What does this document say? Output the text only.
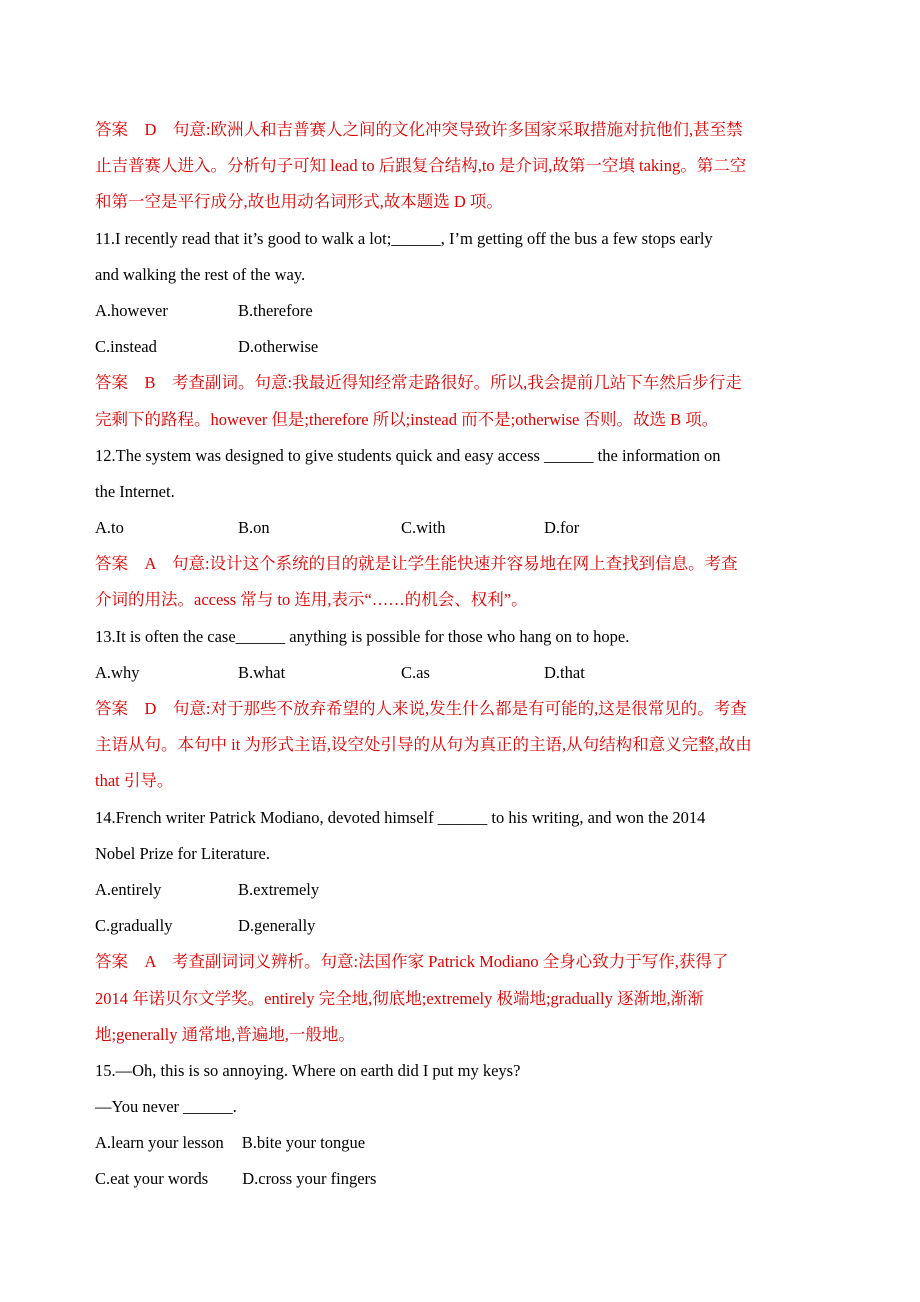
答案　D　句意:欧洲人和吉普赛人之间的文化冲突导致许多国家采取措施对抗他们,甚至禁
止吉普赛人进入。分析句子可知 lead to 后跟复合结构,to 是介词,故第一空填 taking。第二空
和第一空是平行成分,故也用动名词形式,故本题选 D 项。
11.I recently read that it’s good to walk a lot;______, I’m getting off the bus a few stops early
and walking the rest of the way.
A.however	B.therefore
C.instead	D.otherwise
答案　B　考查副词。句意:我最近得知经常走路很好。所以,我会提前几站下车然后步行走
完剩下的路程。however 但是;therefore 所以;instead 而不是;otherwise 否则。故选 B 项。
12.The system was designed to give students quick and easy access ______ the information on
the Internet.
A.to	B.on	C.with	D.for
答案　A　句意:设计这个系统的目的就是让学生能快速并容易地在网上查找到信息。考查
介词的用法。access 常与 to 连用,表示“……的机会、权利”。
13.It is often the case______ anything is possible for those who hang on to hope.
A.why	B.what	C.as	D.that
答案　D　句意:对于那些不放弃希望的人来说,发生什么都是有可能的,这是很常见的。考查
主语从句。本句中 it 为形式主语,设空处引导的从句为真正的主语,从句结构和意义完整,故由
that 引导。
14.French writer Patrick Modiano, devoted himself ______ to his writing, and won the 2014
Nobel Prize for Literature.
A.entirely	B.extremely
C.gradually	D.generally
答案　A　考查副词词义辨析。句意:法国作家 Patrick Modiano 全身心致力于写作,获得了
2014 年诺贝尔文学奖。entirely 完全地,彻底地;extremely 极端地;gradually 逐渐地,渐渐
地;generally 通常地,普遍地,一般地。
15.—Oh, this is so annoying. Where on earth did I put my keys?
—You never ______.
A.learn your lesson B.bite your tongue
C.eat your words D.cross your fingers
